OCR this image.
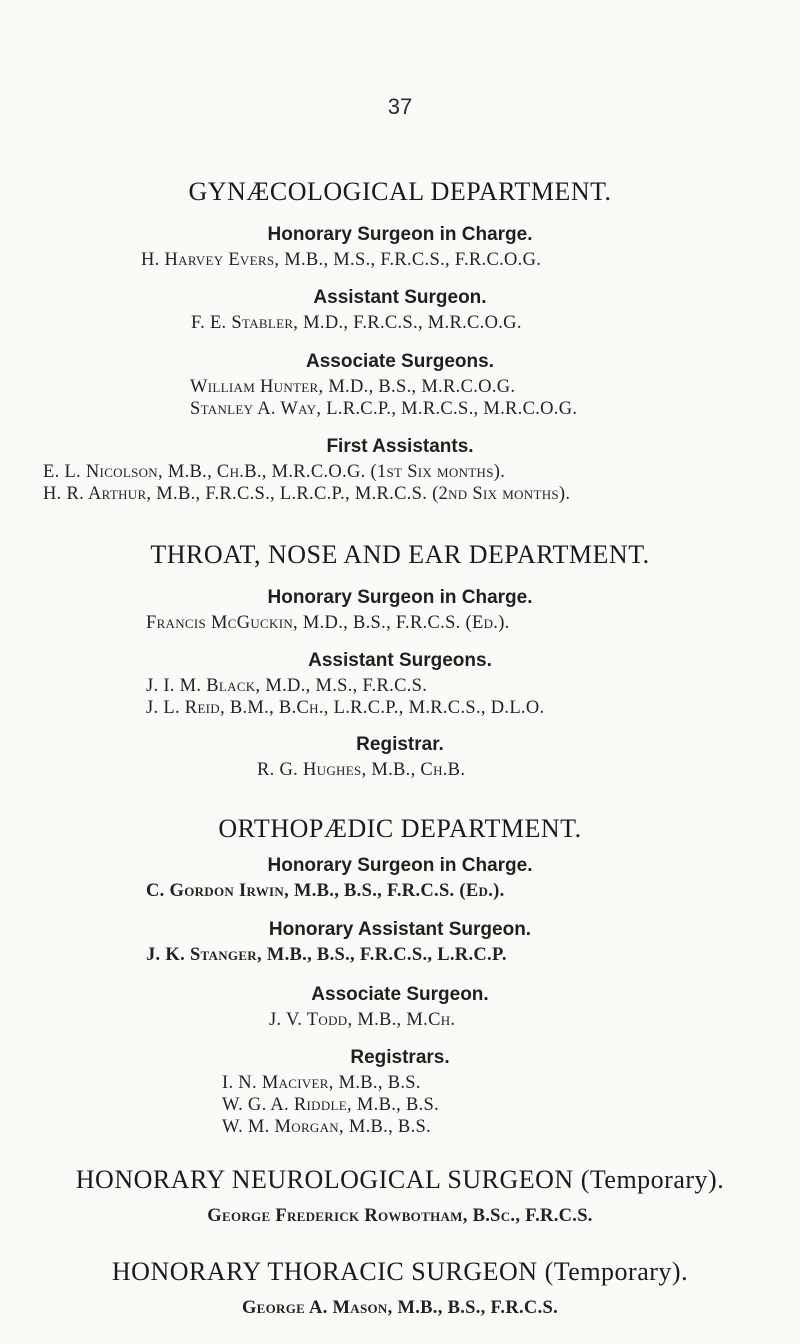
37
GYNÆCOLOGICAL DEPARTMENT.
Honorary Surgeon in Charge.
H. Harvey Evers, M.B., M.S., F.R.C.S., F.R.C.O.G.
Assistant Surgeon.
F. E. Stabler, M.D., F.R.C.S., M.R.C.O.G.
Associate Surgeons.
William Hunter, M.D., B.S., M.R.C.O.G.
Stanley A. Way, L.R.C.P., M.R.C.S., M.R.C.O.G.
First Assistants.
E. L. Nicolson, M.B., Ch.B., M.R.C.O.G. (1st Six months).
H. R. Arthur, M.B., F.R.C.S., L.R.C.P., M.R.C.S. (2nd Six months).
THROAT, NOSE AND EAR DEPARTMENT.
Honorary Surgeon in Charge.
Francis McGuckin, M.D., B.S., F.R.C.S. (Ed.).
Assistant Surgeons.
J. I. M. Black, M.D., M.S., F.R.C.S.
J. L. Reid, B.M., B.Ch., L.R.C.P., M.R.C.S., D.L.O.
Registrar.
R. G. Hughes, M.B., Ch.B.
ORTHOPÆDIC DEPARTMENT.
Honorary Surgeon in Charge.
C. Gordon Irwin, M.B., B.S., F.R.C.S. (Ed.).
Honorary Assistant Surgeon.
J. K. Stanger, M.B., B.S., F.R.C.S., L.R.C.P.
Associate Surgeon.
J. V. Todd, M.B., M.Ch.
Registrars.
I. N. Maciver, M.B., B.S.
W. G. A. Riddle, M.B., B.S.
W. M. Morgan, M.B., B.S.
HONORARY NEUROLOGICAL SURGEON (Temporary).
George Frederick Rowbotham, B.Sc., F.R.C.S.
HONORARY THORACIC SURGEON (Temporary).
George A. Mason, M.B., B.S., F.R.C.S.
